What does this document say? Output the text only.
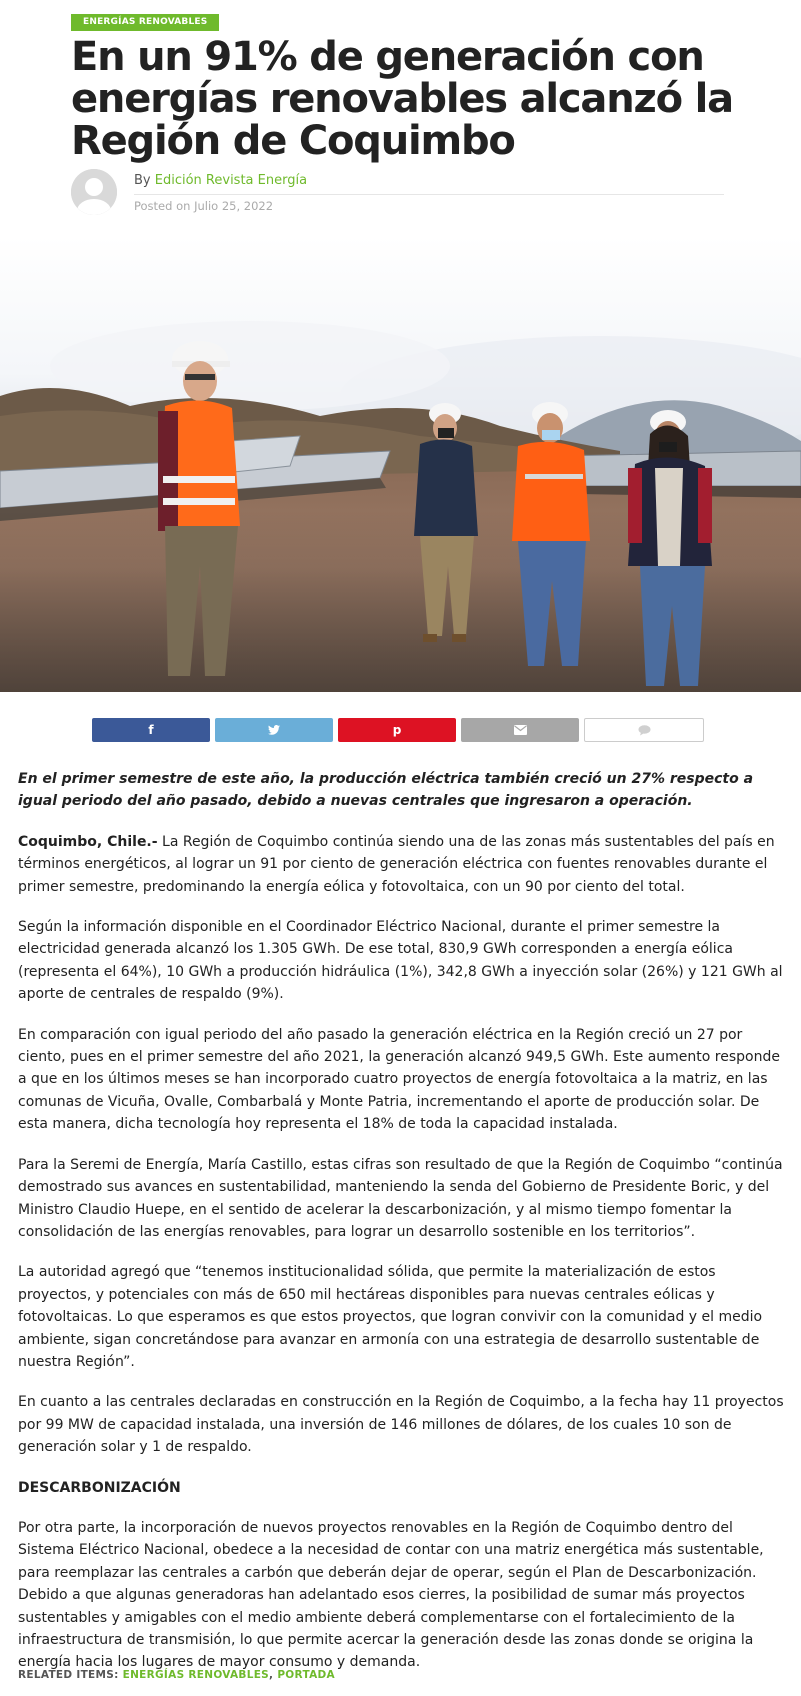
ENERGÍAS RENOVABLES
En un 91% de generación con energías renovables alcanzó la Región de Coquimbo
By Edición Revista Energía
Posted on Julio 25, 2022
f	p

En el primer semestre de este año, la producción eléctrica también creció un 27% respecto a igual periodo del año pasado, debido a nuevas centrales que ingresaron a operación.

Coquimbo, Chile.- La Región de Coquimbo continúa siendo una de las zonas más sustentables del país en términos energéticos, al lograr un 91 por ciento de generación eléctrica con fuentes renovables durante el primer semestre, predominando la energía eólica y fotovoltaica, con un 90 por ciento del total.

Según la información disponible en el Coordinador Eléctrico Nacional, durante el primer semestre la electricidad generada alcanzó los 1.305 GWh. De ese total, 830,9 GWh corresponden a energía eólica (representa el 64%), 10 GWh a producción hidráulica (1%), 342,8 GWh a inyección solar (26%) y 121 GWh al aporte de centrales de respaldo (9%).

En comparación con igual periodo del año pasado la generación eléctrica en la Región creció un 27 por ciento, pues en el primer semestre del año 2021, la generación alcanzó 949,5 GWh. Este aumento responde a que en los últimos meses se han incorporado cuatro proyectos de energía fotovoltaica a la matriz, en las comunas de Vicuña, Ovalle, Combarbalá y Monte Patria, incrementando el aporte de producción solar. De esta manera, dicha tecnología hoy representa el 18% de toda la capacidad instalada.

Para la Seremi de Energía, María Castillo, estas cifras son resultado de que la Región de Coquimbo “continúa demostrado sus avances en sustentabilidad, manteniendo la senda del Gobierno de Presidente Boric, y del Ministro Claudio Huepe, en el sentido de acelerar la descarbonización, y al mismo tiempo fomentar la consolidación de las energías renovables, para lograr un desarrollo sostenible en los territorios”.

La autoridad agregó que “tenemos institucionalidad sólida, que permite la materialización de estos proyectos, y potenciales con más de 650 mil hectáreas disponibles para nuevas centrales eólicas y fotovoltaicas. Lo que esperamos es que estos proyectos, que logran convivir con la comunidad y el medio ambiente, sigan concretándose para avanzar en armonía con una estrategia de desarrollo sustentable de nuestra Región”.

En cuanto a las centrales declaradas en construcción en la Región de Coquimbo, a la fecha hay 11 proyectos por 99 MW de capacidad instalada, una inversión de 146 millones de dólares, de los cuales 10 son de generación solar y 1 de respaldo.

DESCARBONIZACIÓN

Por otra parte, la incorporación de nuevos proyectos renovables en la Región de Coquimbo dentro del Sistema Eléctrico Nacional, obedece a la necesidad de contar con una matriz energética más sustentable, para reemplazar las centrales a carbón que deberán dejar de operar, según el Plan de Descarbonización. Debido a que algunas generadoras han adelantado esos cierres, la posibilidad de sumar más proyectos sustentables y amigables con el medio ambiente deberá complementarse con el fortalecimiento de la infraestructura de transmisión, lo que permite acercar la generación desde las zonas donde se origina la energía hacia los lugares de mayor consumo y demanda.

RELATED ITEMS: ENERGÍAS RENOVABLES, PORTADA
